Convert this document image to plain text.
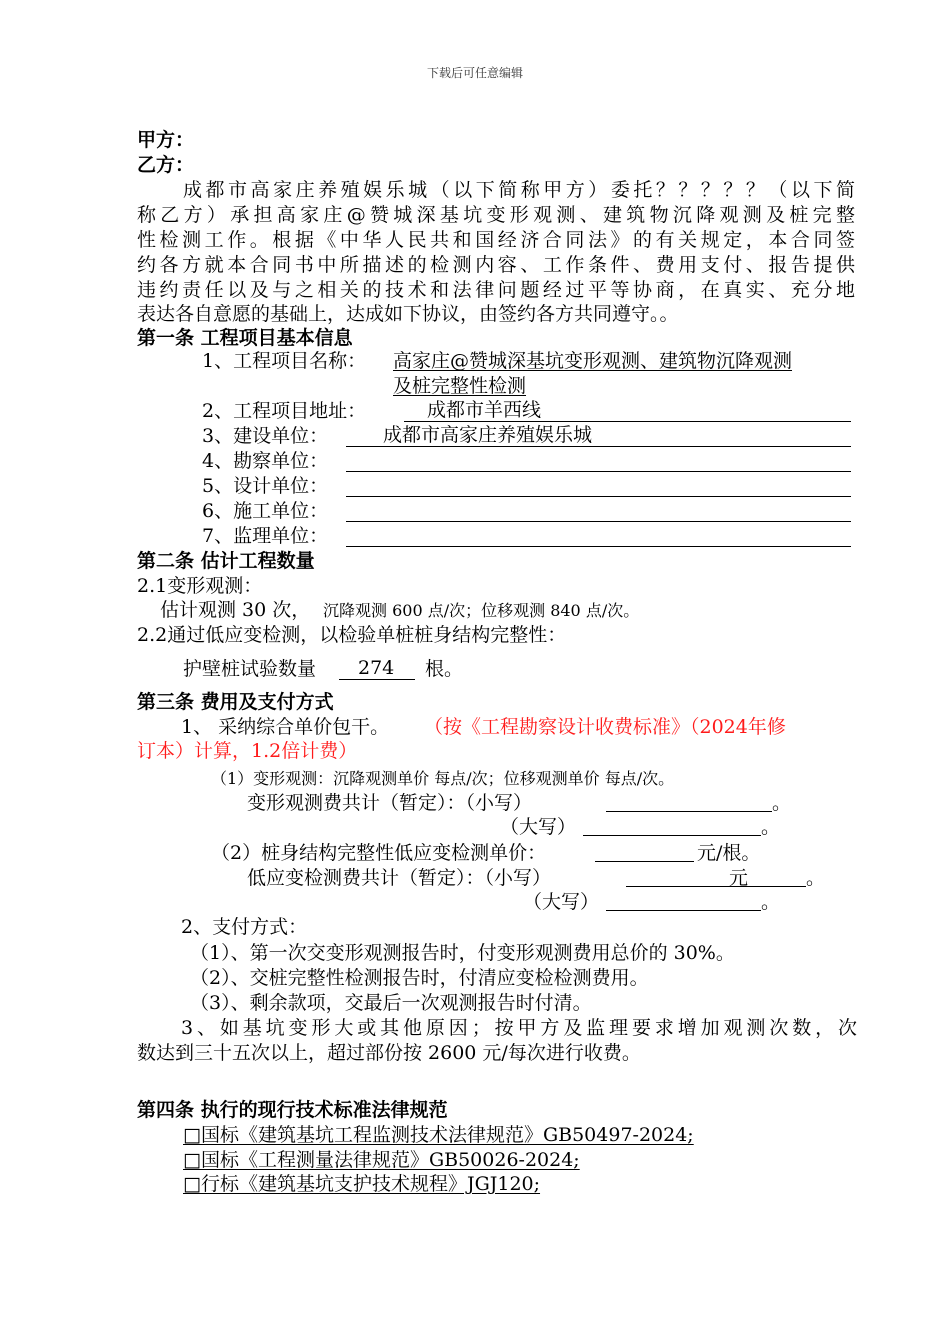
下载后可任意编辑
甲方：
乙方：
成都市高家庄养殖娱乐城（以下简称甲方）委托？？？？？（以下简
称乙方）承担高家庄@赞城深基坑变形观测、建筑物沉降观测及桩完整
性检测工作。根据《中华人民共和国经济合同法》的有关规定，本合同签
约各方就本合同书中所描述的检测内容、工作条件、费用支付、报告提供
违约责任以及与之相关的技术和法律问题经过平等协商，在真实、充分地
表达各自意愿的基础上，达成如下协议，由签约各方共同遵守。。
第一条 工程项目基本信息
1、工程项目名称： 高家庄@赞城深基坑变形观测、建筑物沉降观测
及桩完整性检测
2、工程项目地址：	成都市羊西线
3、建设单位：	成都市高家庄养殖娱乐城
4、勘察单位：
5、设计单位：
6、施工单位：
7、监理单位：
第二条 估计工程数量
2.1变形观测：
估计观测 30 次， 沉降观测 600 点/次；位移观测 840 点/次。
2.2通过低应变检测，以检验单桩桩身结构完整性：
护壁桩试验数量 274 根。
第三条 费用及支付方式
1、 采纳综合单价包干。 （按《工程勘察设计收费标准》（2024年修
订本）计算，1.2倍计费）
（1）变形观测：沉降观测单价 每点/次；位移观测单价 每点/次。
变形观测费共计（暂定）：（小写）	。
（大写）	。
（2）桩身结构完整性低应变检测单价：	元/根。
低应变检测费共计（暂定）：（小写）	元	。
（大写）	。
2、支付方式：
（1）、第一次交变形观测报告时，付变形观测费用总价的 30%。
（2）、交桩完整性检测报告时，付清应变检检测费用。
（3）、剩余款项，交最后一次观测报告时付清。
3、如基坑变形大或其他原因；按甲方及监理要求增加观测次数，次
数达到三十五次以上，超过部份按 2600 元/每次进行收费。
第四条 执行的现行技术标准法律规范
□国标《建筑基坑工程监测技术法律规范》GB50497-2024;
□国标《工程测量法律规范》GB50026-2024;
□行标《建筑基坑支护技术规程》JGJ120;
